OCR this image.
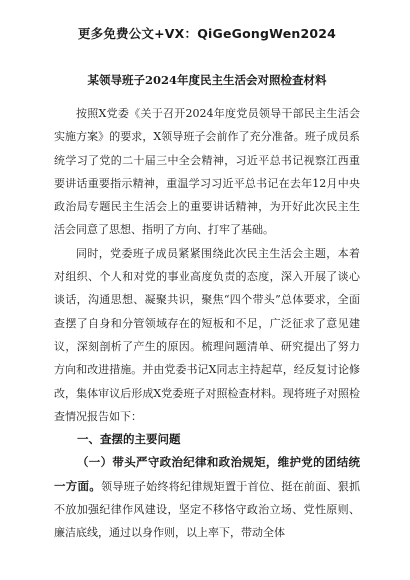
更多免费公文+VX：QiGeGongWen2024
某领导班子2024年度民主生活会对照检查材料

按照X党委《关于召开2024年度党员领导干部民主生活会实施方案》的要求，X领导班子会前作了充分准备。班子成员系统学习了党的二十届三中全会精神，习近平总书记视察江西重要讲话重要指示精神，重温学习习近平总书记在去年12月中央政治局专题民主生活会上的重要讲话精神，为开好此次民主生活会同意了思想、指明了方向、打牢了基础。

同时，党委班子成员紧紧围绕此次民主生活会主题，本着对组织、个人和对党的事业高度负责的态度，深入开展了谈心谈话，沟通思想、凝聚共识，聚焦“四个带头”总体要求，全面查摆了自身和分管领域存在的短板和不足，广泛征求了意见建议，深刻剖析了产生的原因。梳理问题清单、研究提出了努力方向和改进措施。并由党委书记X同志主持起草，经反复讨论修改，集体审议后形成X党委班子对照检查材料。现将班子对照检查情况报告如下：

一、查摆的主要问题

（一）带头严守政治纪律和政治规矩，维护党的团结统一方面。领导班子始终将纪律规矩置于首位、挺在前面、狠抓不放加强纪律作风建设，坚定不移恪守政治立场、党性原则、廉洁底线，通过以身作则，以上率下，带动全体
